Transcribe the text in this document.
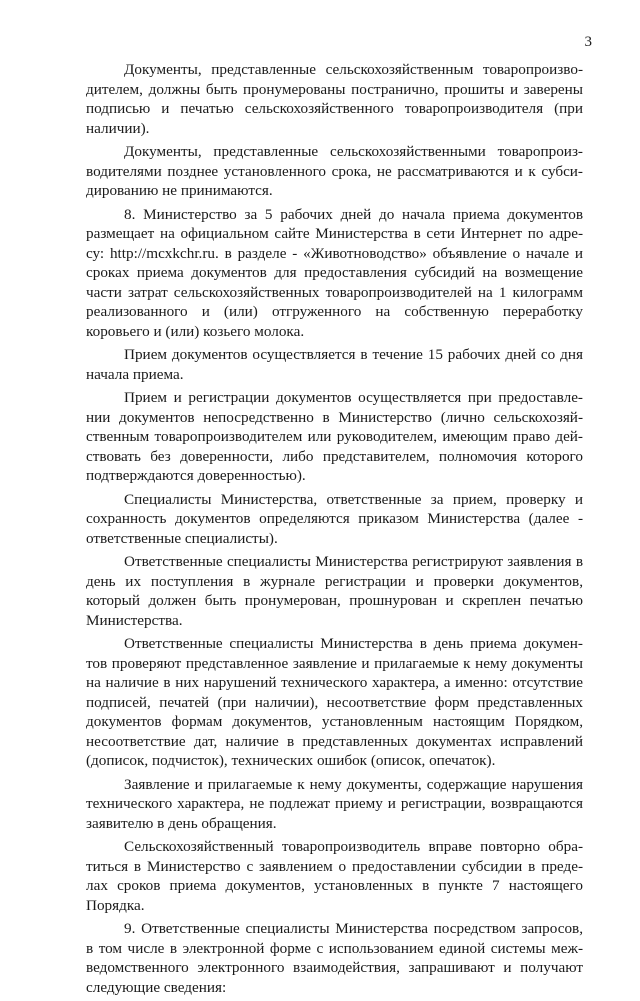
3

Документы, представленные сельскохозяйственным товаропроизво-дителем, должны быть пронумерованы постранично, прошиты и заверены подписью и печатью сельскохозяйственного товаропроизводителя (при наличии).

Документы, представленные сельскохозяйственными товаропроиз-водителями позднее установленного срока, не рассматриваются и к субси-дированию не принимаются.

8. Министерство за 5 рабочих дней до начала приема документов размещает на официальном сайте Министерства в сети Интернет по адре-су: http://mcxkchr.ru. в разделе - «Животноводство» объявление о начале и сроках приема документов для предоставления субсидий на возмещение части затрат сельскохозяйственных товаропроизводителей на 1 килограмм реализованного и (или) отгруженного на собственную переработку коровьего и (или) козьего молока.

Прием документов осуществляется в течение 15 рабочих дней со дня начала приема.

Прием и регистрации документов осуществляется при предоставле-нии документов непосредственно в Министерство (лично сельскохозяй-ственным товаропроизводителем или руководителем, имеющим право дей-ствовать без доверенности, либо представителем, полномочия которого подтверждаются доверенностью).

Специалисты Министерства, ответственные за прием, проверку и сохранность документов определяются приказом Министерства (далее - ответственные специалисты).

Ответственные специалисты Министерства регистрируют заявления в день их поступления в журнале регистрации и проверки документов, который должен быть пронумерован, прошнурован и скреплен печатью Министерства.

Ответственные специалисты Министерства в день приема докумен-тов проверяют представленное заявление и прилагаемые к нему документы на наличие в них нарушений технического характера, а именно: отсутствие подписей, печатей (при наличии), несоответствие форм представленных документов формам документов, установленным настоящим Порядком, несоответствие дат, наличие в представленных документах исправлений (дописок, подчисток), технических ошибок (описок, опечаток).

Заявление и прилагаемые к нему документы, содержащие нарушения технического характера, не подлежат приему и регистрации, возвращаются заявителю в день обращения.

Сельскохозяйственный товаропроизводитель вправе повторно обра-титься в Министерство с заявлением о предоставлении субсидии в преде-лах сроков приема документов, установленных в пункте 7 настоящего Порядка.

9. Ответственные специалисты Министерства посредством запросов, в том числе в электронной форме с использованием единой системы меж-ведомственного электронного взаимодействия, запрашивают и получают следующие сведения:
